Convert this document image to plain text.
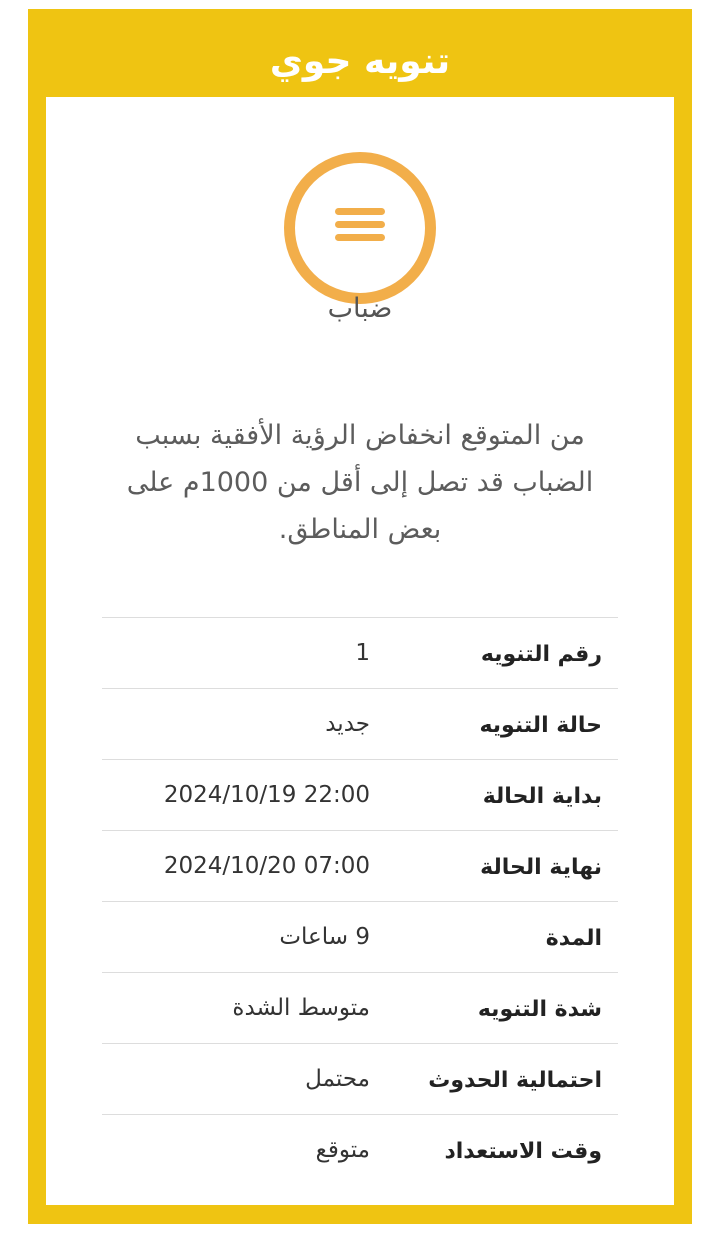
تنويه جوي
ضباب
من المتوقع انخفاض الرؤية الأفقية بسبب الضباب قد تصل إلى أقل من 1000م على بعض المناطق.
رقم التنويه
1
حالة التنويه
جديد
بداية الحالة
2024/10/19 22:00
نهاية الحالة
2024/10/20 07:00
المدة
9 ساعات
شدة التنويه
متوسط الشدة
احتمالية الحدوث
محتمل
وقت الاستعداد
متوقع
